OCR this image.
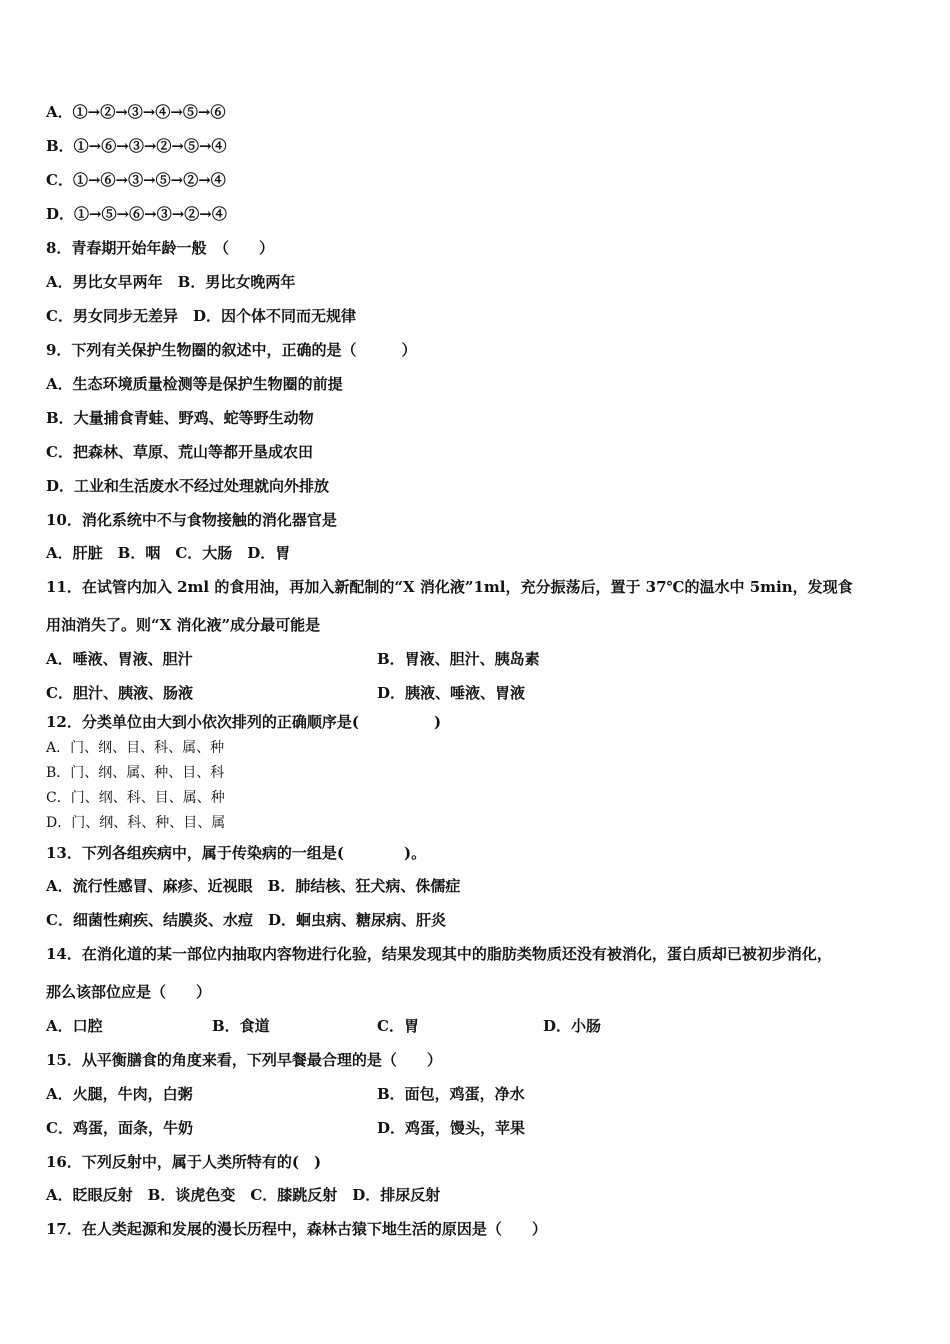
A．①→②→③→④→⑤→⑥
B．①→⑥→③→②→⑤→④
C．①→⑥→③→⑤→②→④
D．①→⑤→⑥→③→②→④
8．青春期开始年龄一般　（　　）
A．男比女早两年　B．男比女晚两年
C．男女同步无差异　D．因个体不同而无规律
9．下列有关保护生物圈的叙述中，正确的是（　　　）
A．生态环境质量检测等是保护生物圈的前提
B．大量捕食青蛙、野鸡、蛇等野生动物
C．把森林、草原、荒山等都开垦成农田
D．工业和生活废水不经过处理就向外排放
10．消化系统中不与食物接触的消化器官是
A．肝脏　B．咽　C．大肠　D．胃
11．在试管内加入 2ml 的食用油，再加入新配制的“X 消化液”1ml，充分振荡后，置于 37℃的温水中 5min，发现食
用油消失了。则“X 消化液”成分最可能是
A．唾液、胃液、胆汁	B．胃液、胆汁、胰岛素
C．胆汁、胰液、肠液	D．胰液、唾液、胃液
12．分类单位由大到小依次排列的正确顺序是(　　　　　)
A．门、纲、目、科、属、种
B．门、纲、属、种、目、科
C．门、纲、科、目、属、种
D．门、纲、科、种、目、属
13．下列各组疾病中，属于传染病的一组是(　　　　)。
A．流行性感冒、麻疹、近视眼　B．肺结核、狂犬病、侏儒症
C．细菌性痢疾、结膜炎、水痘　D．蛔虫病、糖尿病、肝炎
14．在消化道的某一部位内抽取内容物进行化验，结果发现其中的脂肪类物质还没有被消化，蛋白质却已被初步消化，
那么该部位应是（　　）
A．口腔	B．食道	C．胃	D．小肠
15．从平衡膳食的角度来看，下列早餐最合理的是（　　）
A．火腿，牛肉，白粥	B．面包，鸡蛋，净水
C．鸡蛋，面条，牛奶	D．鸡蛋，馒头，苹果
16．下列反射中，属于人类所特有的(　)
A．眨眼反射　B．谈虎色变　C．膝跳反射　D．排尿反射
17．在人类起源和发展的漫长历程中，森林古猿下地生活的原因是（　　）
